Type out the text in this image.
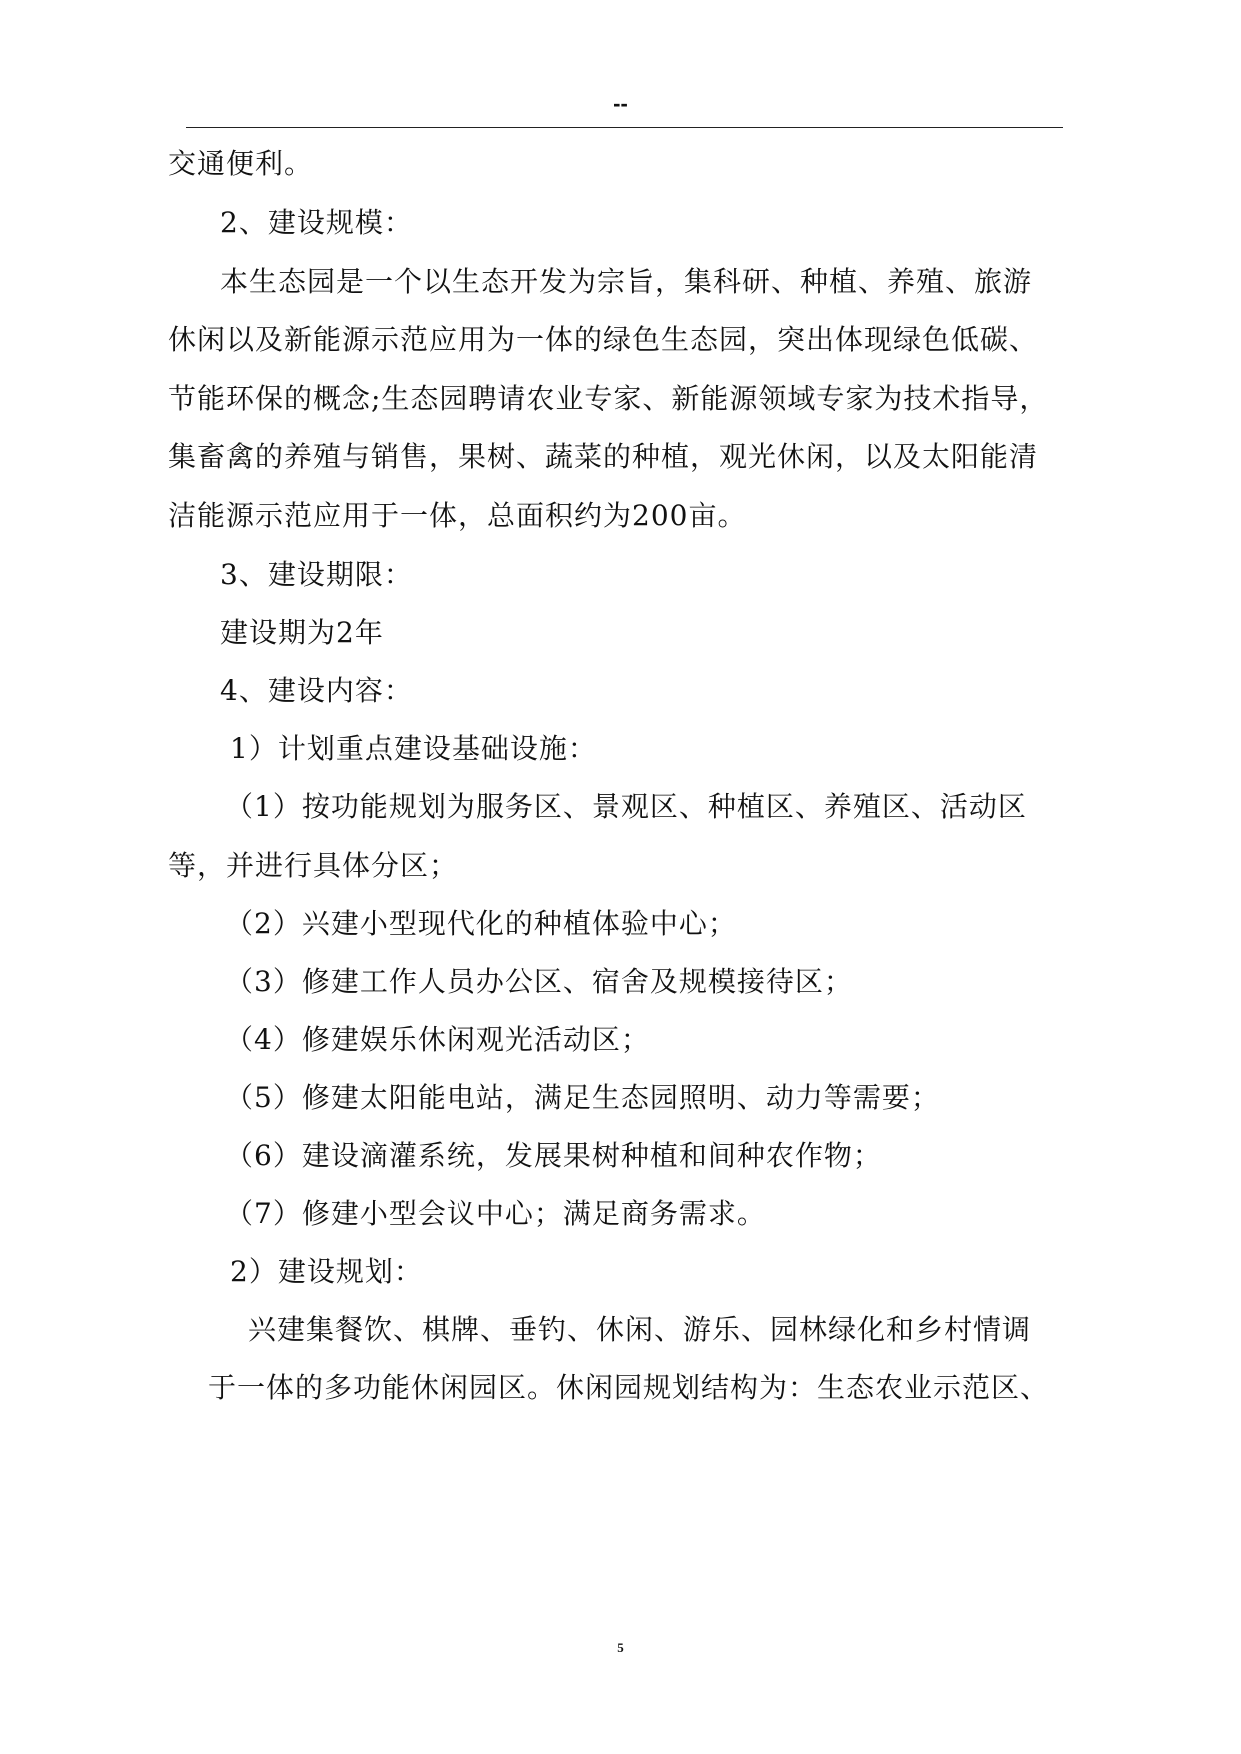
--
交通便利。
2、建设规模：
本生态园是一个以生态开发为宗旨，集科研、种植、养殖、旅游
休闲以及新能源示范应用为一体的绿色生态园，突出体现绿色低碳、
节能环保的概念;生态园聘请农业专家、新能源领域专家为技术指导，
集畜禽的养殖与销售，果树、蔬菜的种植，观光休闲，以及太阳能清
洁能源示范应用于一体，总面积约为200亩。
3、建设期限：
建设期为2年
4、建设内容：
1）计划重点建设基础设施：
（1）按功能规划为服务区、景观区、种植区、养殖区、活动区
等，并进行具体分区；
（2）兴建小型现代化的种植体验中心；
（3）修建工作人员办公区、宿舍及规模接待区；
（4）修建娱乐休闲观光活动区；
（5）修建太阳能电站，满足生态园照明、动力等需要；
（6）建设滴灌系统，发展果树种植和间种农作物；
（7）修建小型会议中心；满足商务需求。
2）建设规划：
兴建集餐饮、棋牌、垂钓、休闲、游乐、园林绿化和乡村情调
于一体的多功能休闲园区。休闲园规划结构为：生态农业示范区、
5
